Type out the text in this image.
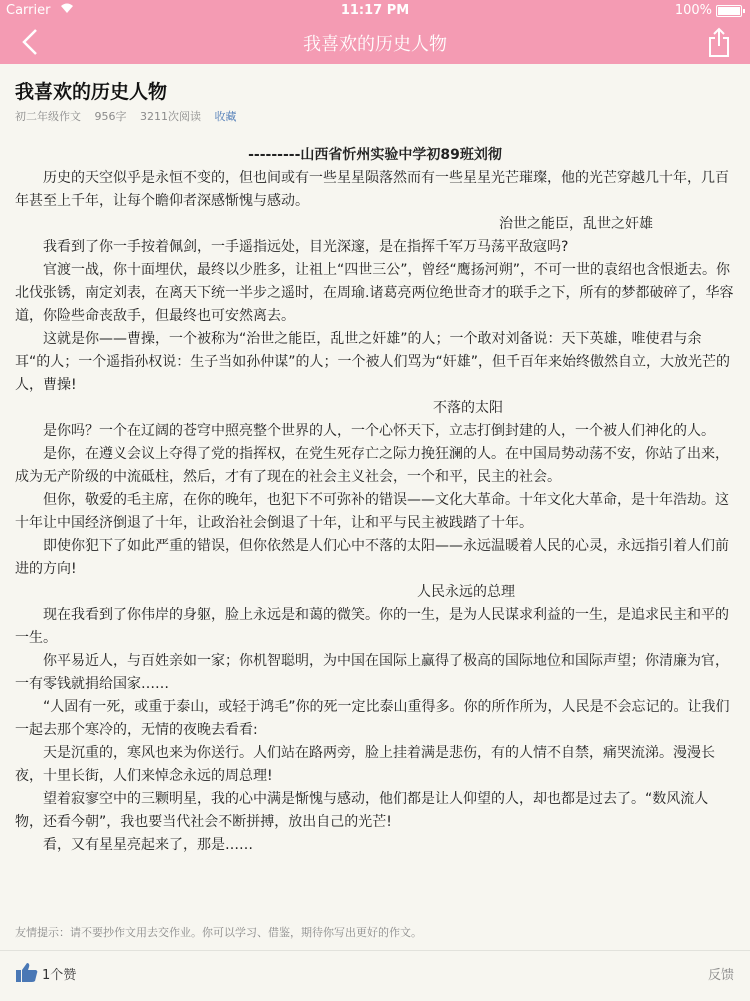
Carrier	11:17 PM	100%
我喜欢的历史人物
我喜欢的历史人物
初二年级作文 956字 3211次阅读 收藏

---------山西省忻州实验中学初89班刘彻

历史的天空似乎是永恒不变的，但也间或有一些星星陨落然而有一些星星光芒璀璨，他的光芒穿越几十年，几百年甚至上千年，让每个瞻仰者深感惭愧与感动。

治世之能臣，乱世之奸雄

我看到了你一手按着佩剑，一手遥指远处，目光深邃，是在指挥千军万马荡平敌寇吗?

官渡一战，你十面埋伏，最终以少胜多，让祖上“四世三公”，曾经“鹰扬河朔”，不可一世的袁绍也含恨逝去。你北伐张锈，南定刘表，在离天下统一半步之遥时，在周瑜.诸葛亮两位绝世奇才的联手之下，所有的梦都破碎了，华容道，你险些命丧敌手，但最终也可安然离去。

这就是你——曹操，一个被称为“治世之能臣，乱世之奸雄”的人；一个敢对刘备说：天下英雄，唯使君与余耳“的人；一个遥指孙权说：生子当如孙仲谋”的人；一个被人们骂为“奸雄”，但千百年来始终傲然自立，大放光芒的人，曹操!

不落的太阳

是你吗？一个在辽阔的苍穹中照亮整个世界的人，一个心怀天下，立志打倒封建的人，一个被人们神化的人。

是你，在遵义会议上夺得了党的指挥权，在党生死存亡之际力挽狂澜的人。在中国局势动荡不安，你站了出来，成为无产阶级的中流砥柱，然后，才有了现在的社会主义社会，一个和平，民主的社会。

但你，敬爱的毛主席，在你的晚年，也犯下不可弥补的错误——文化大革命。十年文化大革命，是十年浩劫。这十年让中国经济倒退了十年，让政治社会倒退了十年，让和平与民主被践踏了十年。

即使你犯下了如此严重的错误，但你依然是人们心中不落的太阳——永远温暖着人民的心灵，永远指引着人们前进的方向!

人民永远的总理

现在我看到了你伟岸的身躯，脸上永远是和蔼的微笑。你的一生，是为人民谋求利益的一生，是追求民主和平的一生。

你平易近人，与百姓亲如一家；你机智聪明，为中国在国际上赢得了极高的国际地位和国际声望；你清廉为官，一有零钱就捐给国家……

“人固有一死，或重于泰山，或轻于鸿毛”你的死一定比泰山重得多。你的所作所为，人民是不会忘记的。让我们一起去那个寒冷的，无情的夜晚去看看:

天是沉重的，寒风也来为你送行。人们站在路两旁，脸上挂着满是悲伤，有的人情不自禁，痛哭流涕。漫漫长夜，十里长街，人们来悼念永远的周总理!

望着寂寥空中的三颗明星，我的心中满是惭愧与感动，他们都是让人仰望的人，却也都是过去了。“数风流人物，还看今朝”，我也要当代社会不断拼搏，放出自己的光芒!

看，又有星星亮起来了，那是……

友情提示：请不要抄作文用去交作业。你可以学习、借鉴，期待你写出更好的作文。
1个赞	反馈
